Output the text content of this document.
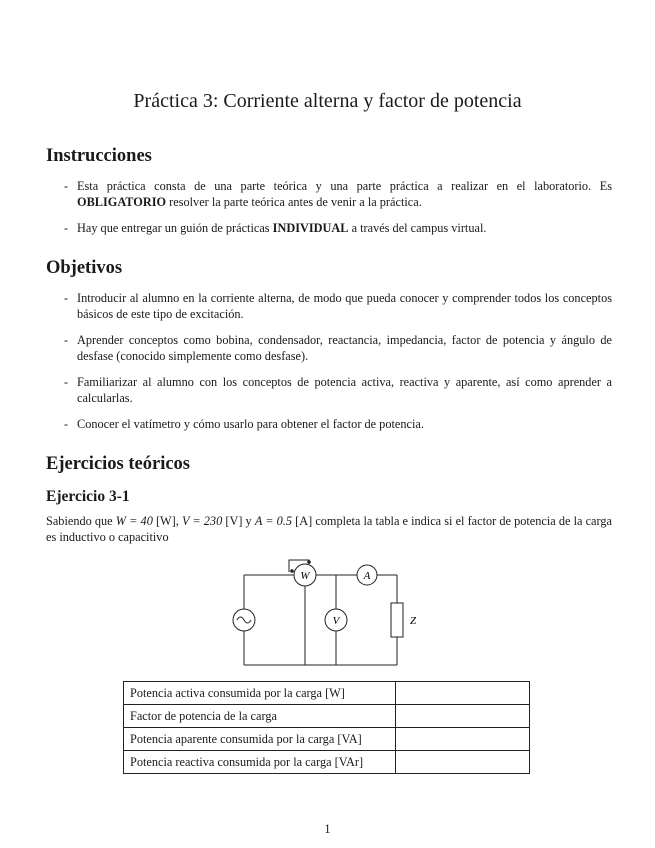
Práctica 3: Corriente alterna y factor de potencia
Instrucciones
- Esta práctica consta de una parte teórica y una parte práctica a realizar en el laboratorio. Es OBLIGATORIO resolver la parte teórica antes de venir a la práctica.
- Hay que entregar un guión de prácticas INDIVIDUAL a través del campus virtual.
Objetivos
- Introducir al alumno en la corriente alterna, de modo que pueda conocer y comprender todos los conceptos básicos de este tipo de excitación.
- Aprender conceptos como bobina, condensador, reactancia, impedancia, factor de potencia y ángulo de desfase (conocido simplemente como desfase).
- Familiarizar al alumno con los conceptos de potencia activa, reactiva y aparente, así como aprender a calcularlas.
- Conocer el vatímetro y cómo usarlo para obtener el factor de potencia.
Ejercicios teóricos
Ejercicio 3-1

Sabiendo que W = 40 [W], V = 230 [V] y A = 0.5 [A] completa la tabla e indica si el factor de potencia de la carga es inductivo o capacitivo

W	A
V	Z
Potencia activa consumida por la carga [W]	
Factor de potencia de la carga	
Potencia aparente consumida por la carga [VA]	
Potencia reactiva consumida por la carga [VAr]	
1
